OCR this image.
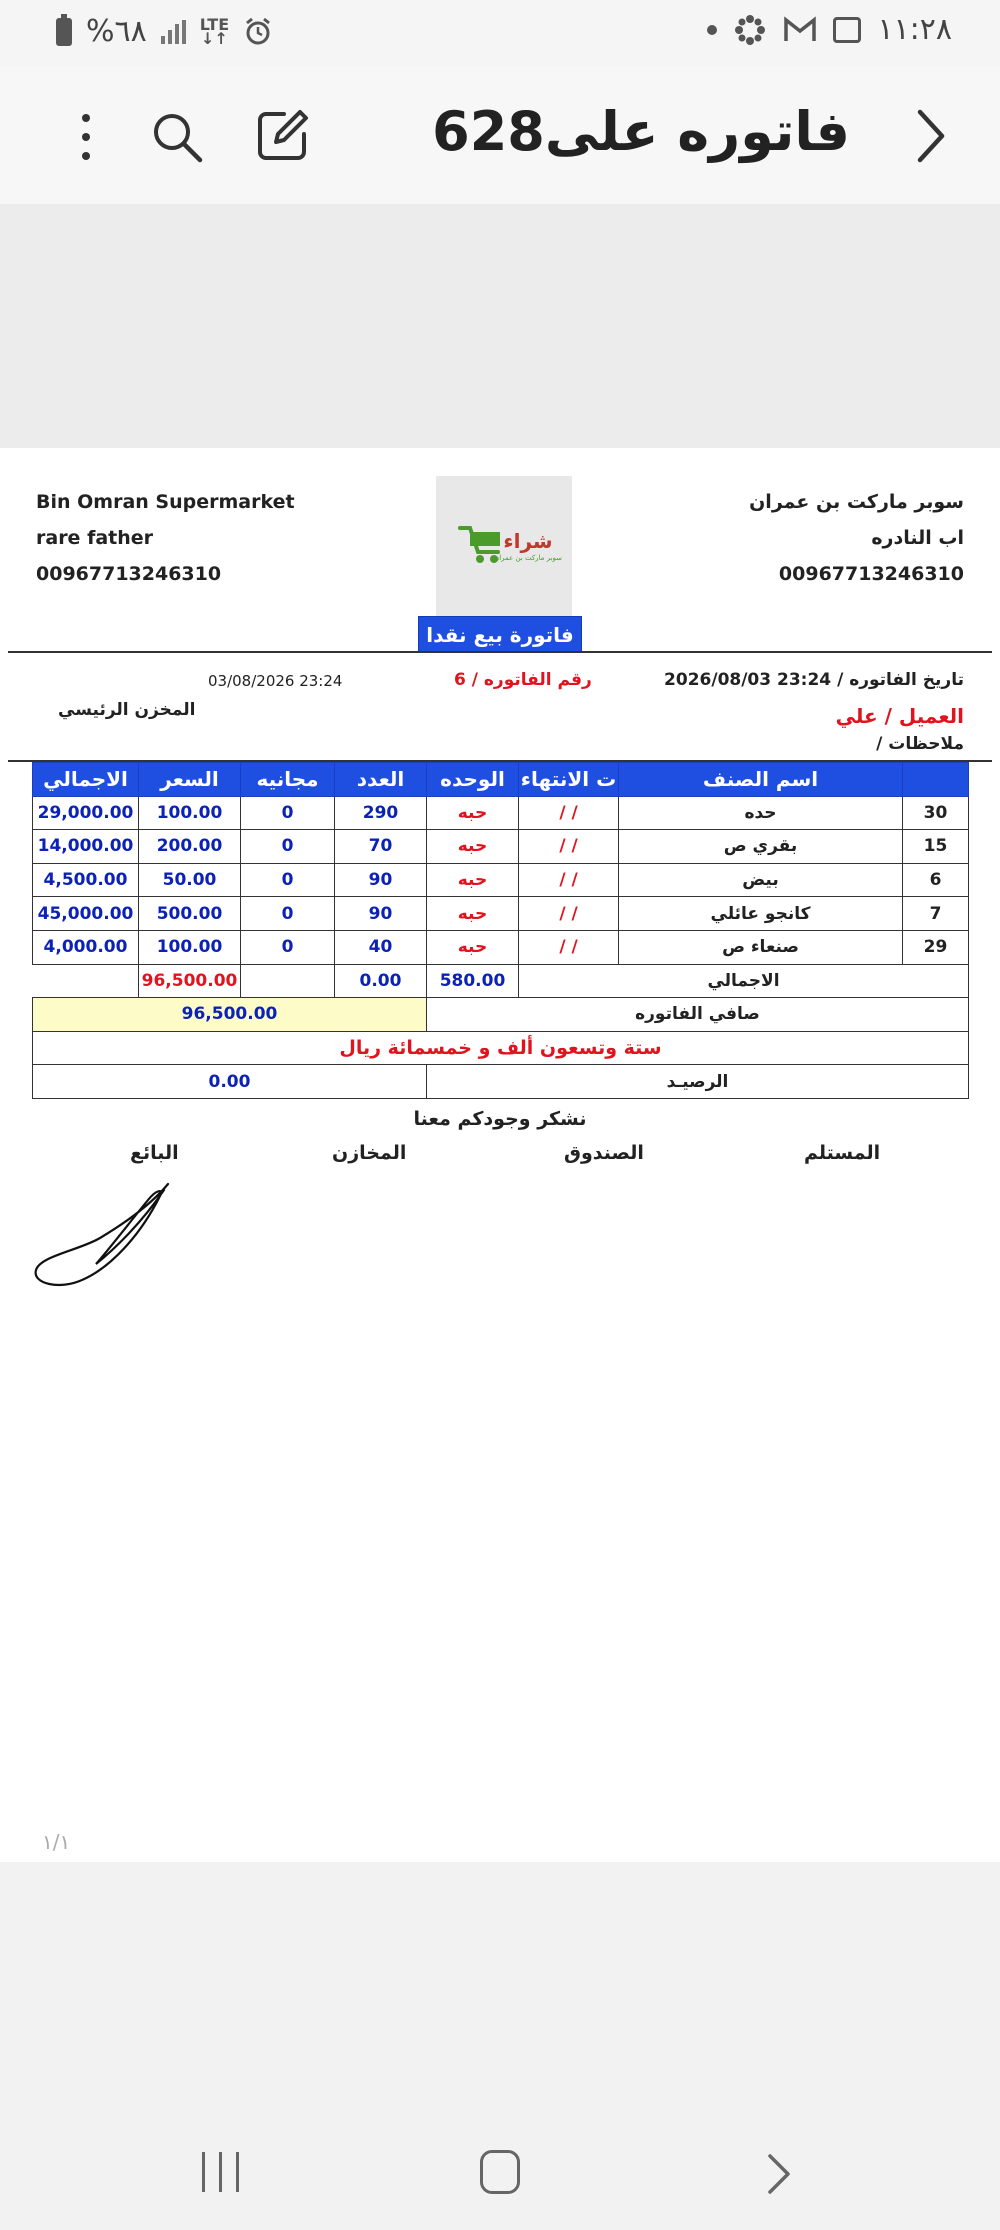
%٦٨	LTE
↓↑	١١:٢٨
فاتوره على628
سوبر ماركت بن عمران
اب النادره
00967713246310
Bin Omran Supermarket
rare father
00967713246310
شراء
سوبر ماركت بن عمران
فاتورة بيع نقدا
تاريخ الفاتوره / 23:24 2026/08/03
رقم الفاتوره / 6
03/08/2026 23:24
العميل / علي
المخزن الرئيسي
/ ملاحظات
	اسم الصنف	ت الانتهاء	الوحده	العدد	مجانيه	السعر	الاجمالي
30	حده	/ /	حبه	290	0	100.00	29,000.00
15	بقري ص	/ /	حبه	70	0	200.00	14,000.00
6	بيض	/ /	حبه	90	0	50.00	4,500.00
7	كانجو عائلي	/ /	حبه	90	0	500.00	45,000.00
29	صنعاء ص	/ /	حبه	40	0	100.00	4,000.00
الاجمالي			580.00	0.00		96,500.00	
صافي الفاتوره				96,500.00			
ستة وتسعون ألف و خمسمائة ريال							
الرصيـد				0.00			
نشكر وجودكم معنا
المستلم
الصندوق
المخازن
البائع
١/١
